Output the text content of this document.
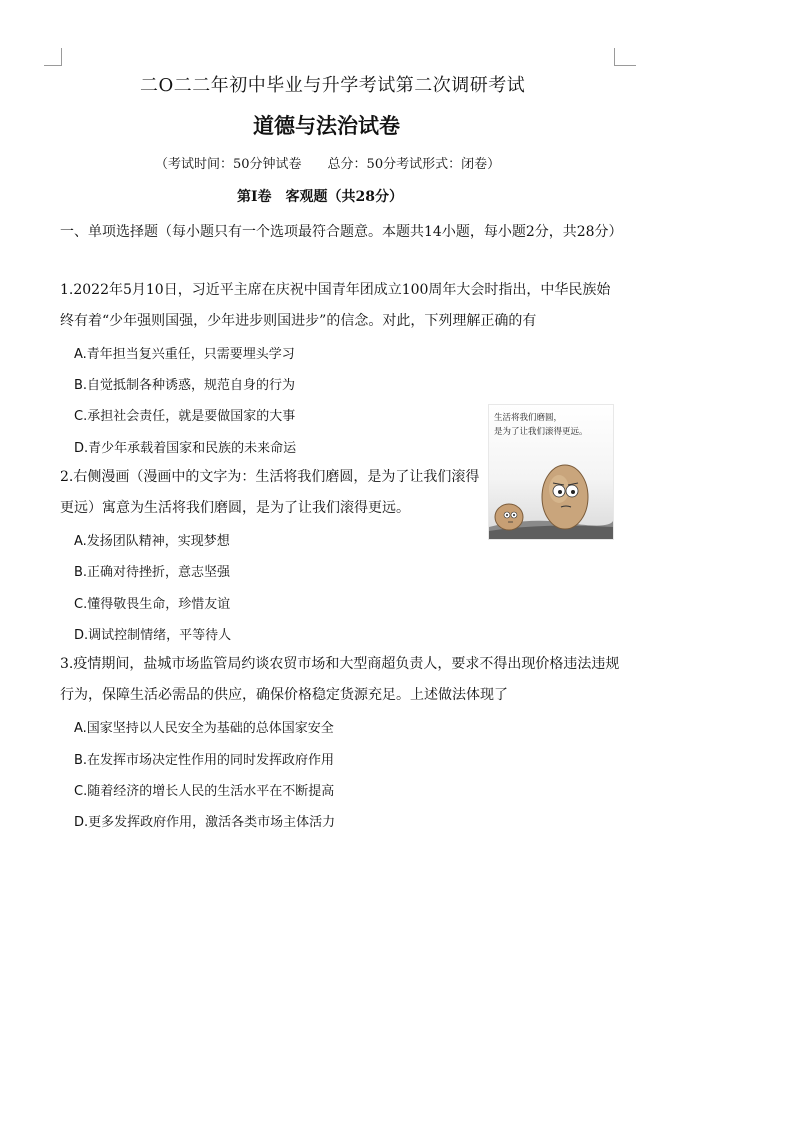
二O二二年初中毕业与升学考试第二次调研考试
道德与法治试卷
（考试时间：50分钟试卷　　总分：50分考试形式：闭卷）
第Ⅰ卷　客观题（共28分）
一、单项选择题（每小题只有一个选项最符合题意。本题共14小题，每小题2分，共28分）
1.2022年5月10日，习近平主席在庆祝中国青年团成立100周年大会时指出，中华民族始终有着“少年强则国强，少年进步则国进步”的信念。对此，下列理解正确的有
A.青年担当复兴重任，只需要埋头学习
B.自觉抵制各种诱惑，规范自身的行为
C.承担社会责任，就是要做国家的大事
D.青少年承载着国家和民族的未来命运
生活将我们磨圆，
是为了让我们滚得更远。
2.右侧漫画（漫画中的文字为：生活将我们磨圆，是为了让我们滚得更远）寓意为生活将我们磨圆，是为了让我们滚得更远。
A.发扬团队精神，实现梦想
B.正确对待挫折，意志坚强
C.懂得敬畏生命，珍惜友谊
D.调试控制情绪，平等待人
3.疫情期间，盐城市场监管局约谈农贸市场和大型商超负责人，要求不得出现价格违法违规行为，保障生活必需品的供应，确保价格稳定货源充足。上述做法体现了
A.国家坚持以人民安全为基础的总体国家安全
B.在发挥市场决定性作用的同时发挥政府作用
C.随着经济的增长人民的生活水平在不断提高
D.更多发挥政府作用，激活各类市场主体活力
